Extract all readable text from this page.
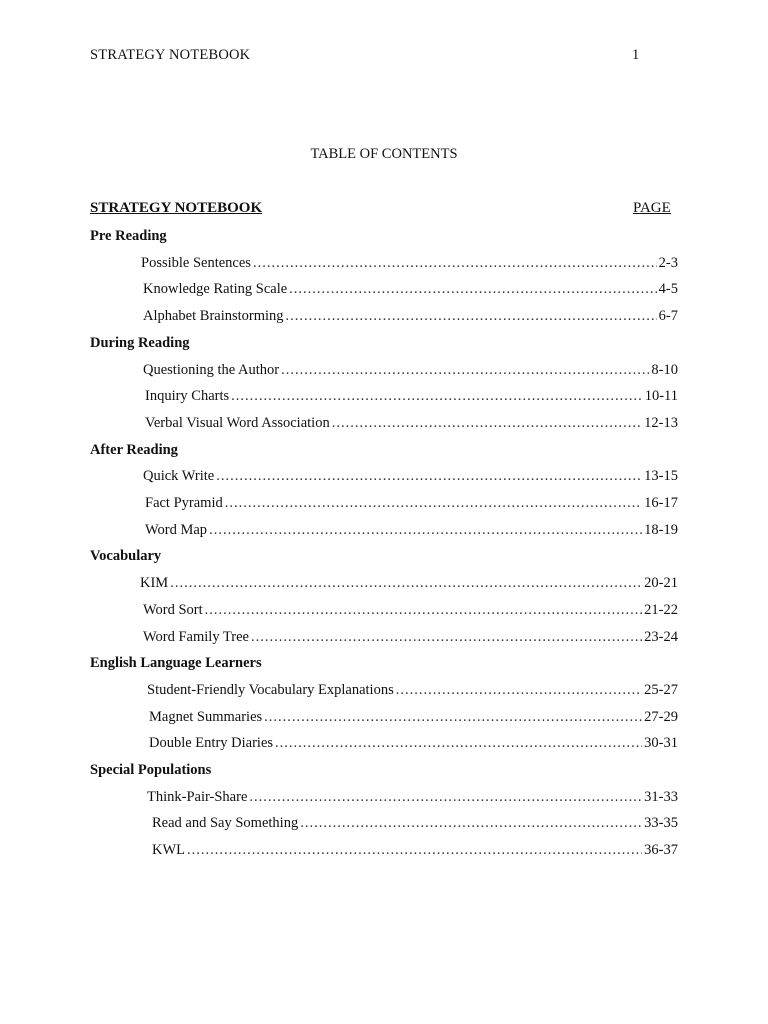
STRATEGY NOTEBOOK	1
TABLE OF CONTENTS
STRATEGY NOTEBOOK	PAGE
Pre Reading
Possible Sentences .....	2-3
Knowledge Rating Scale .....	4-5
Alphabet Brainstorming .....	6-7
During Reading
Questioning the Author .....	8-10
Inquiry Charts .....	10-11
Verbal Visual Word Association .....	12-13
After Reading
Quick Write .....	13-15
Fact Pyramid .....	16-17
Word Map .....	18-19
Vocabulary
KIM .....	20-21
Word Sort .....	21-22
Word Family Tree .....	23-24
English Language Learners
Student-Friendly Vocabulary Explanations .....	25-27
Magnet Summaries .....	27-29
Double Entry Diaries .....	30-31
Special Populations
Think-Pair-Share .....	31-33
Read and Say Something .....	33-35
KWL .....	36-37
